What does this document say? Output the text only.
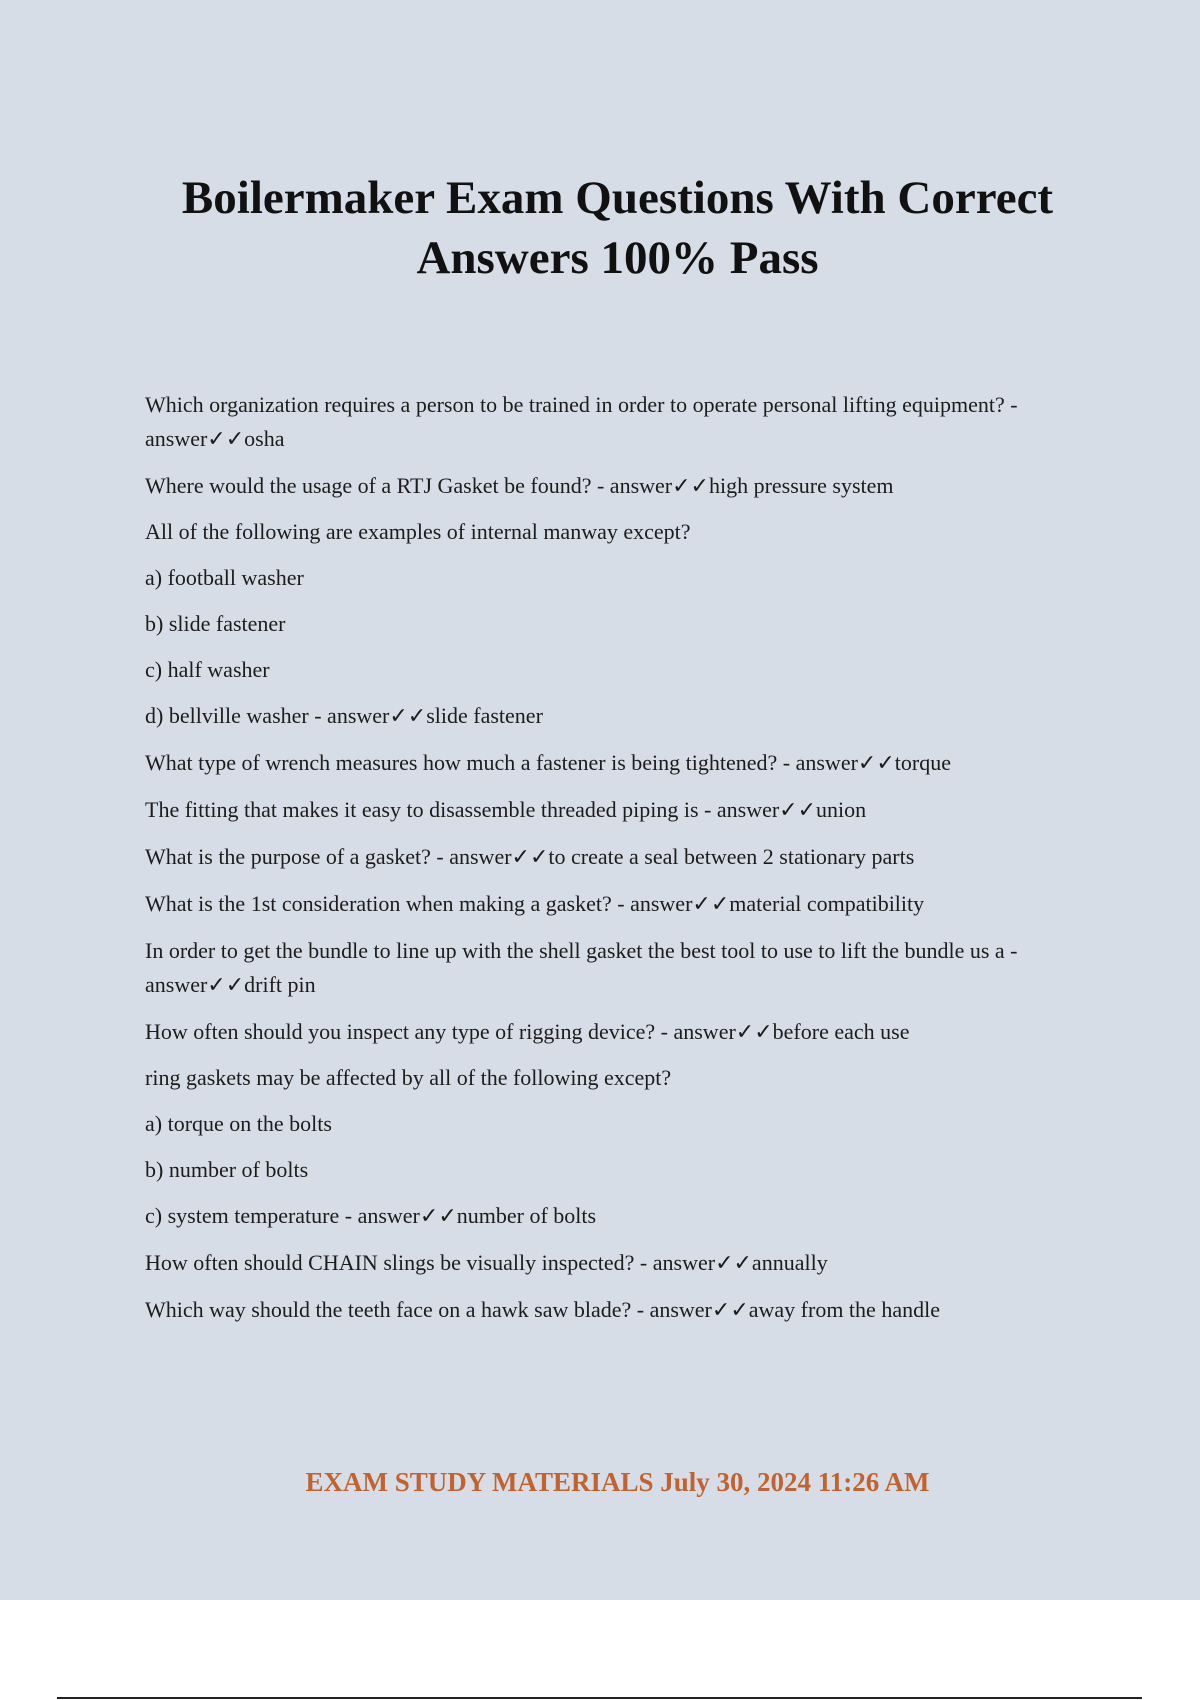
Boilermaker Exam Questions With Correct Answers 100% Pass

Which organization requires a person to be trained in order to operate personal lifting equipment? - answer✓✓osha

Where would the usage of a RTJ Gasket be found? - answer✓✓high pressure system

All of the following are examples of internal manway except?

a) football washer

b) slide fastener

c) half washer

d) bellville washer - answer✓✓slide fastener

What type of wrench measures how much a fastener is being tightened? - answer✓✓torque

The fitting that makes it easy to disassemble threaded piping is - answer✓✓union

What is the purpose of a gasket? - answer✓✓to create a seal between 2 stationary parts

What is the 1st consideration when making a gasket? - answer✓✓material compatibility

In order to get the bundle to line up with the shell gasket the best tool to use to lift the bundle us a - answer✓✓drift pin

How often should you inspect any type of rigging device? - answer✓✓before each use

ring gaskets may be affected by all of the following except?

a) torque on the bolts

b) number of bolts

c) system temperature - answer✓✓number of bolts

How often should CHAIN slings be visually inspected? - answer✓✓annually

Which way should the teeth face on a hawk saw blade? - answer✓✓away from the handle

EXAM STUDY MATERIALS July 30, 2024 11:26 AM
